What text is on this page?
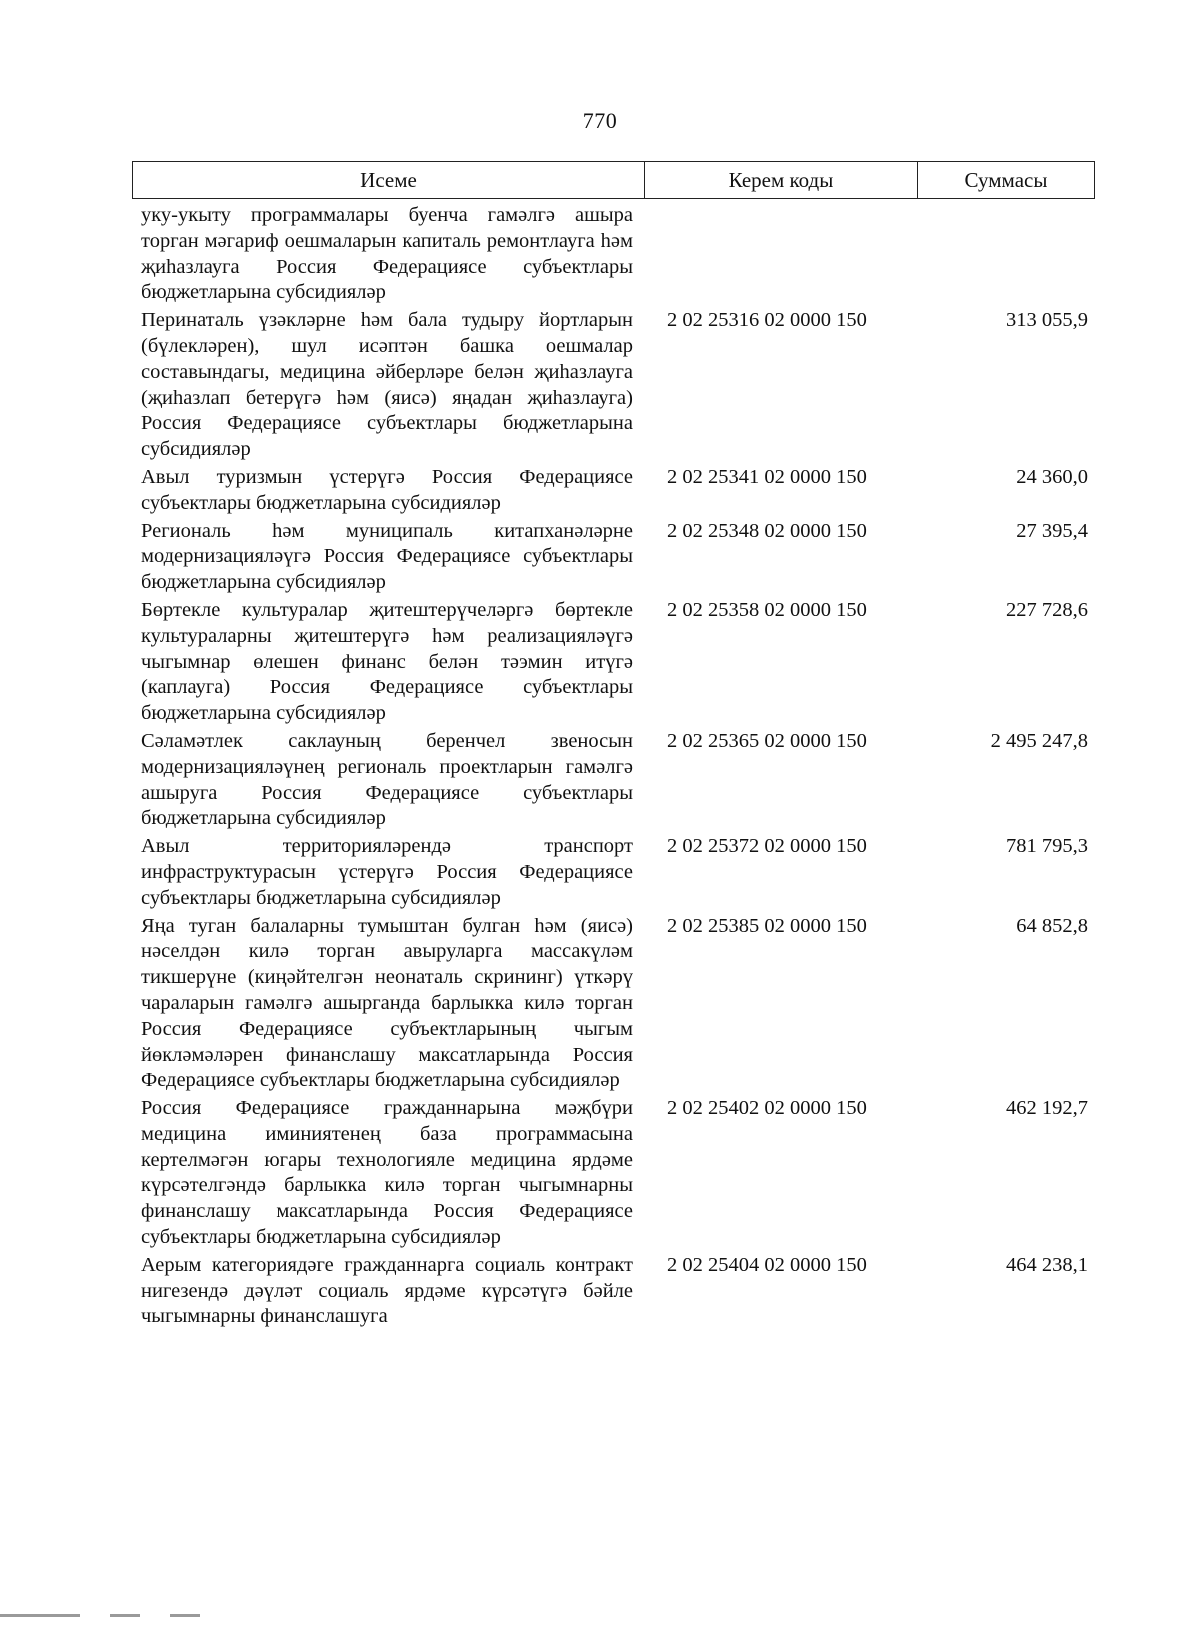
770
Исеме	Керем коды	Суммасы
уку-укыту программалары буенча гамәлгә ашыра торган мәгариф оешмаларын капиталь ремонтлауга һәм җиһазлауга Россия Федерациясе субъектлары бюджетларына субсидияләр
Перинаталь үзәкләрне һәм бала тудыру йортларын (бүлекләрен), шул исәптән башка оешмалар составындагы, медицина әйберләре белән җиһазлауга (җиһазлап бетерүгә һәм (яисә) яңадан җиһазлауга) Россия Федерациясе субъектлары бюджетларына субсидияләр
2 02 25316 02 0000 150	313 055,9
Авыл туризмын үстерүгә Россия Федерациясе субъектлары бюджетларына субсидияләр
2 02 25341 02 0000 150	24 360,0
Региональ һәм муниципаль китапханәләрне модернизацияләүгә Россия Федерациясе субъектлары бюджетларына субсидияләр
2 02 25348 02 0000 150	27 395,4
Бөртекле культуралар җитештерүчеләргә бөртекле культураларны җитештерүгә һәм реализацияләүгә чыгымнар өлешен финанс белән тәэмин итүгә (каплауга) Россия Федерациясе субъектлары бюджетларына субсидияләр
2 02 25358 02 0000 150	227 728,6
Сәламәтлек саклауның беренчел звеносын модернизацияләүнең региональ проектларын гамәлгә ашыруга Россия Федерациясе субъектлары бюджетларына субсидияләр
2 02 25365 02 0000 150	2 495 247,8
Авыл территорияләрендә транспорт инфраструктурасын үстерүгә Россия Федерациясе субъектлары бюджетларына субсидияләр
2 02 25372 02 0000 150	781 795,3
Яңа туган балаларны тумыштан булган һәм (яисә) нәселдән килә торган авыруларга массакүләм тикшерүне (киңәйтелгән неонаталь скрининг) үткәрү чараларын гамәлгә ашырганда барлыкка килә торган Россия Федерациясе субъектларының чыгым йөкләмәләрен финанслашу максатларында Россия Федерациясе субъектлары бюджетларына субсидияләр
2 02 25385 02 0000 150	64 852,8
Россия Федерациясе гражданнарына мәҗбүри медицина иминиятенең база программасына кертелмәгән югары технологияле медицина ярдәме күрсәтелгәндә барлыкка килә торган чыгымнарны финанслашу максатларында Россия Федерациясе субъектлары бюджетларына субсидияләр
2 02 25402 02 0000 150	462 192,7
Аерым категориядәге гражданнарга социаль контракт нигезендә дәүләт социаль ярдәме күрсәтүгә бәйле чыгымнарны финанслашуга
2 02 25404 02 0000 150	464 238,1
